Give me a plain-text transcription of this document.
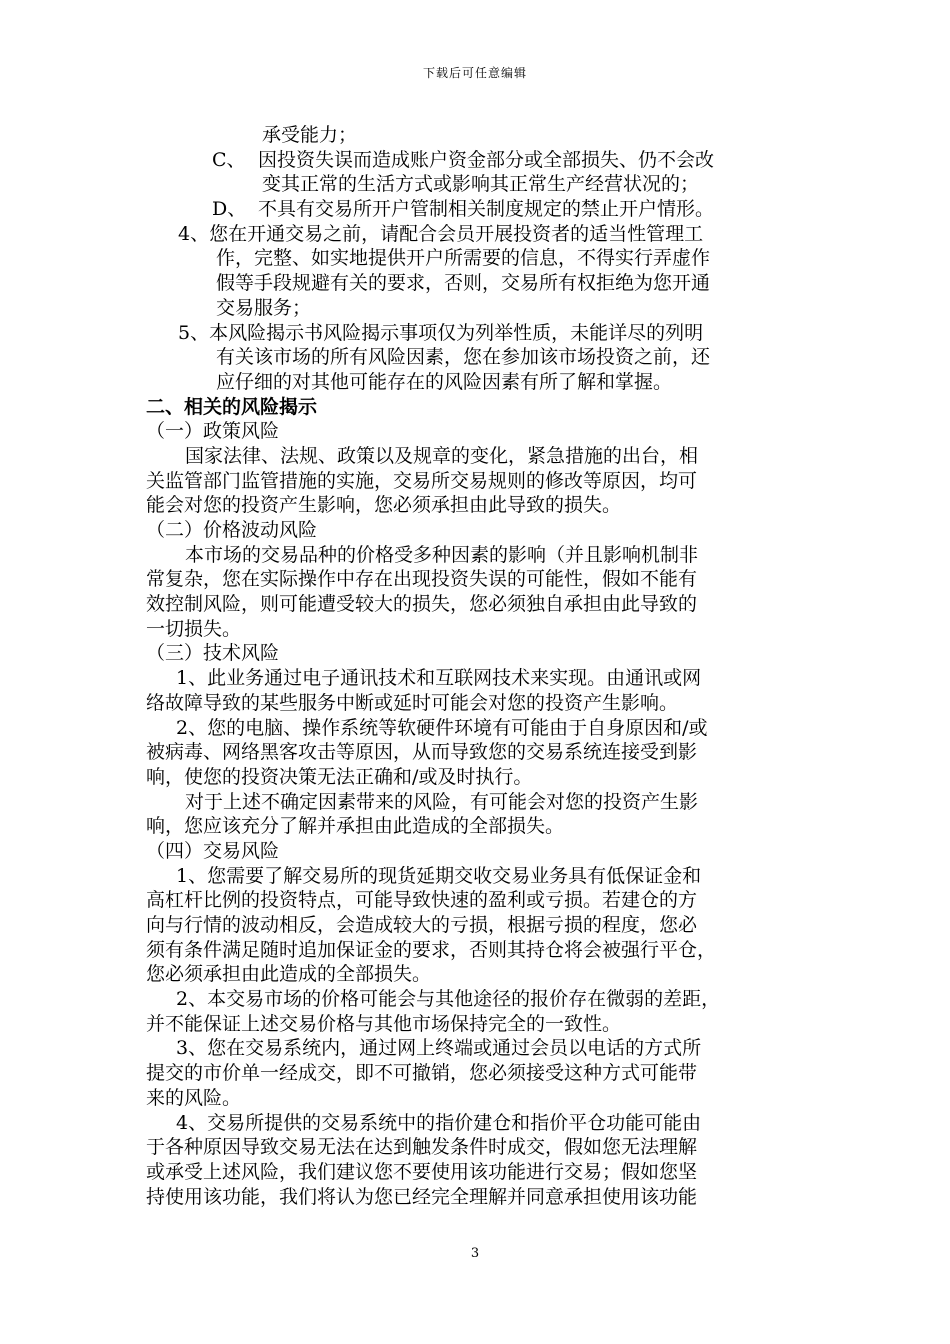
下载后可任意编辑
承受能力；
C、 因投资失误而造成账户资金部分或全部损失、仍不会改
变其正常的生活方式或影响其正常生产经营状况的；
D、 不具有交易所开户管制相关制度规定的禁止开户情形。
4、您在开通交易之前，请配合会员开展投资者的适当性管理工
作，完整、如实地提供开户所需要的信息，不得实行弄虚作
假等手段规避有关的要求，否则，交易所有权拒绝为您开通
交易服务；
5、本风险揭示书风险揭示事项仅为列举性质，未能详尽的列明
有关该市场的所有风险因素，您在参加该市场投资之前，还
应仔细的对其他可能存在的风险因素有所了解和掌握。
二、相关的风险揭示
（一）政策风险
国家法律、法规、政策以及规章的变化，紧急措施的出台，相
关监管部门监管措施的实施，交易所交易规则的修改等原因，均可
能会对您的投资产生影响，您必须承担由此导致的损失。
（二）价格波动风险
本市场的交易品种的价格受多种因素的影响（并且影响机制非
常复杂，您在实际操作中存在出现投资失误的可能性，假如不能有
效控制风险，则可能遭受较大的损失，您必须独自承担由此导致的
一切损失。
（三）技术风险
1、此业务通过电子通讯技术和互联网技术来实现。由通讯或网
络故障导致的某些服务中断或延时可能会对您的投资产生影响。
2、您的电脑、操作系统等软硬件环境有可能由于自身原因和/或
被病毒、网络黑客攻击等原因，从而导致您的交易系统连接受到影
响，使您的投资决策无法正确和/或及时执行。
对于上述不确定因素带来的风险，有可能会对您的投资产生影
响，您应该充分了解并承担由此造成的全部损失。
（四）交易风险
1、您需要了解交易所的现货延期交收交易业务具有低保证金和
高杠杆比例的投资特点，可能导致快速的盈利或亏损。若建仓的方
向与行情的波动相反，会造成较大的亏损，根据亏损的程度，您必
须有条件满足随时追加保证金的要求，否则其持仓将会被强行平仓，
您必须承担由此造成的全部损失。
2、本交易市场的价格可能会与其他途径的报价存在微弱的差距，
并不能保证上述交易价格与其他市场保持完全的一致性。
3、您在交易系统内，通过网上终端或通过会员以电话的方式所
提交的市价单一经成交，即不可撤销，您必须接受这种方式可能带
来的风险。
4、交易所提供的交易系统中的指价建仓和指价平仓功能可能由
于各种原因导致交易无法在达到触发条件时成交，假如您无法理解
或承受上述风险，我们建议您不要使用该功能进行交易；假如您坚
持使用该功能，我们将认为您已经完全理解并同意承担使用该功能
3
